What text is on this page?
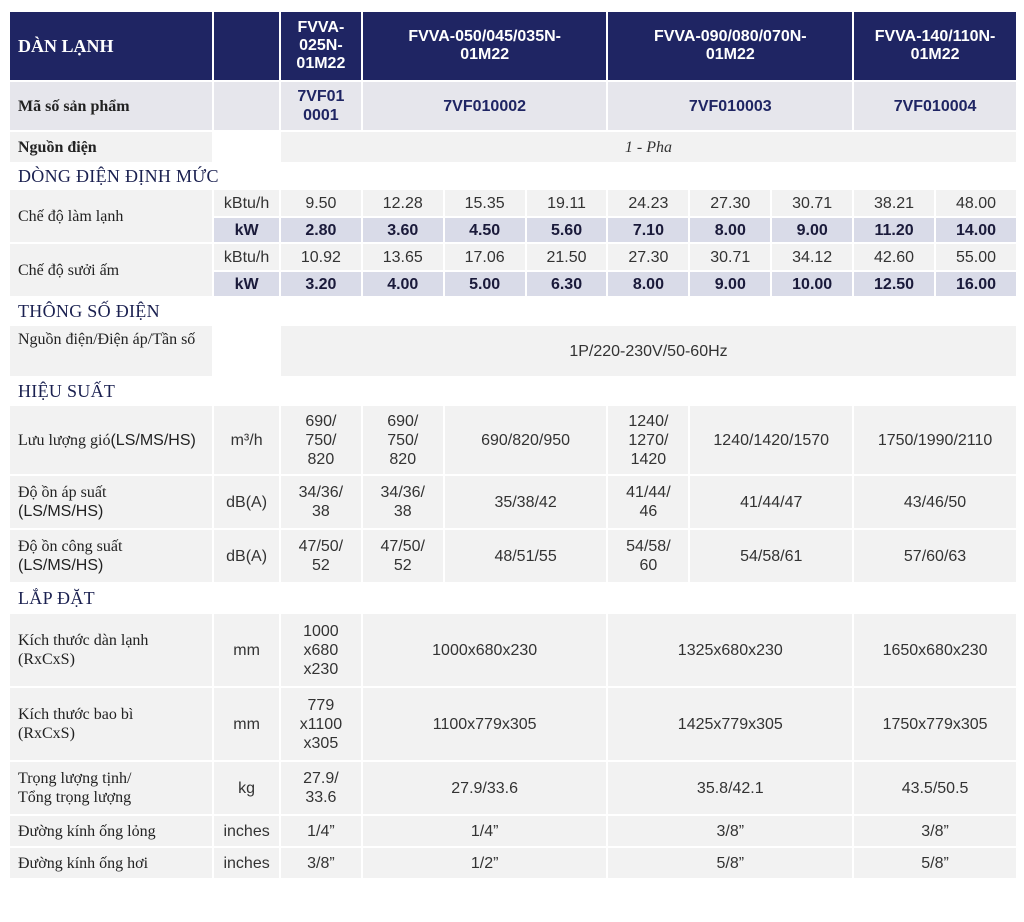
DÀN LẠNH		FVVA-
025N-
01M22	FVVA-050/045/035N-
01M22			FVVA-090/080/070N-
01M22			FVVA-140/110N-
01M22	
Mã số sản phẩm		7VF01
0001	7VF010002			7VF010003			7VF010004	
Nguồn điện		1 - Pha								
DÒNG ĐIỆN ĐỊNH MỨC										
Chế độ làm lạnh	kBtu/h	9.50	12.28	15.35	19.11	24.23	27.30	30.71	38.21	48.00
	kW	2.80	3.60	4.50	5.60	7.10	8.00	9.00	11.20	14.00
Chế độ sưởi ấm	kBtu/h	10.92	13.65	17.06	21.50	27.30	30.71	34.12	42.60	55.00
	kW	3.20	4.00	5.00	6.30	8.00	9.00	10.00	12.50	16.00
THÔNG SỐ ĐIỆN										
Nguồn điện/Điện áp/Tần số		1P/220-230V/50-60Hz								
HIỆU SUẤT										
Lưu lượng gió(LS/MS/HS)	m³/h	690/
750/
820	690/
750/
820	690/820/950		1240/
1270/
1420	1240/1420/1570		1750/1990/2110	
Độ ồn áp suất
(LS/MS/HS)	dB(A)	34/36/
38	34/36/
38	35/38/42		41/44/
46	41/44/47		43/46/50	
Độ ồn công suất
(LS/MS/HS)	dB(A)	47/50/
52	47/50/
52	48/51/55		54/58/
60	54/58/61		57/60/63	
LẮP ĐẶT										
Kích thước dàn lạnh
(RxCxS)	mm	1000
x680
x230	1000x680x230			1325x680x230			1650x680x230	
Kích thước bao bì
(RxCxS)	mm	779
x1100
x305	1100x779x305			1425x779x305			1750x779x305	
Trọng lượng tịnh/
Tổng trọng lượng	kg	27.9/
33.6	27.9/33.6			35.8/42.1			43.5/50.5	
Đường kính ống lỏng	inches	1/4”	1/4”			3/8”			3/8”	
Đường kính ống hơi	inches	3/8”	1/2”			5/8”			5/8”	
